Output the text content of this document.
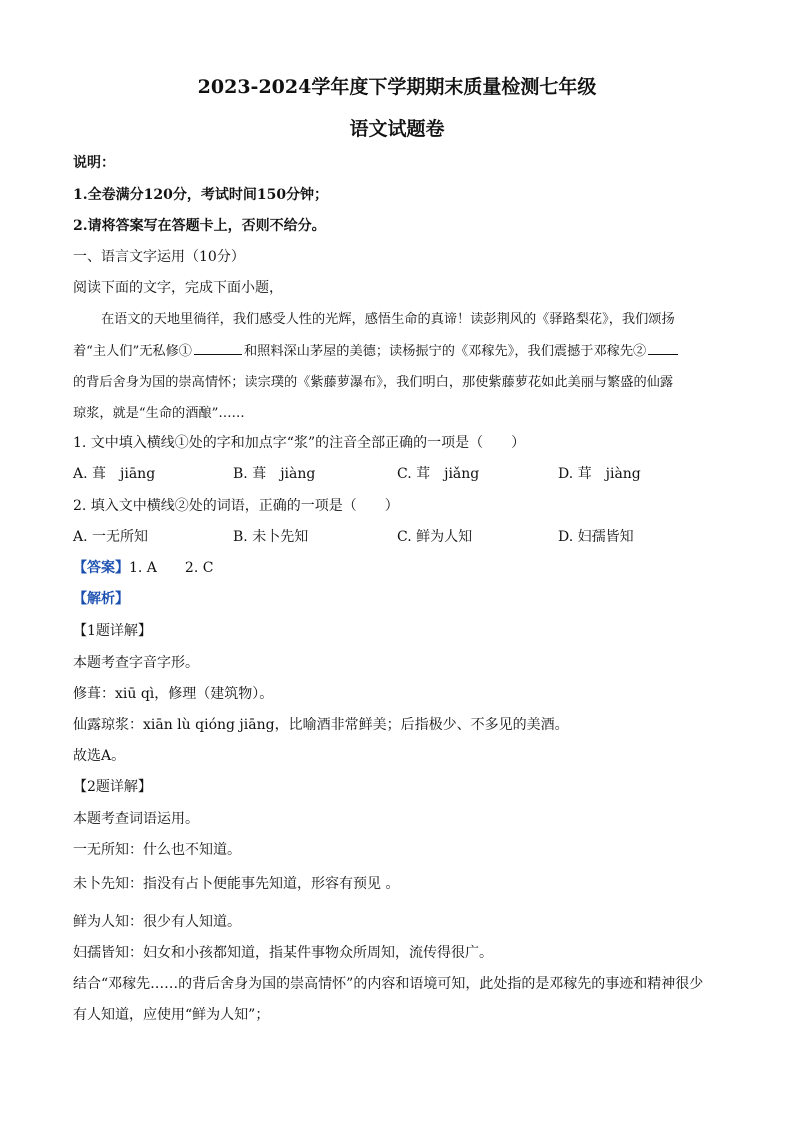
2023-2024学年度下学期期末质量检测七年级
语文试题卷
说明：
1.全卷满分120分，考试时间150分钟；
2.请将答案写在答题卡上，否则不给分。
一、语言文字运用（10分）
阅读下面的文字，完成下面小题，
在语文的天地里徜徉，我们感受人性的光辉，感悟生命的真谛！读彭荆风的《驿路梨花》，我们颂扬
着“主人们”无私修①	和照料深山茅屋的美德；读杨振宁的《邓稼先》，我们震撼于邓稼先②
的背后舍身为国的崇高情怀；读宗璞的《紫藤萝瀑布》，我们明白，那使紫藤萝花如此美丽与繁盛的仙露
琼浆，就是“生命的酒酿”……
1. 文中填入横线①处的字和加点字“浆”的注音全部正确的一项是（　　）
A. 葺　jiāng	B. 葺　jiàng	C. 茸　jiǎng	D. 茸　jiàng
2. 填入文中横线②处的词语，正确的一项是（　　）
A. 一无所知	B. 未卜先知	C. 鲜为人知	D. 妇孺皆知
【答案】1. A　　2. C
【解析】
【1题详解】
本题考查字音字形。
修葺：xiū qì，修理（建筑物）。
仙露琼浆：xiān lù qióng jiāng，比喻酒非常鲜美；后指极少、不多见的美酒。
故选A。
【2题详解】
本题考查词语运用。
一无所知：什么也不知道。
未卜先知：指没有占卜便能事先知道，形容有预见 。
鲜为人知：很少有人知道。
妇孺皆知：妇女和小孩都知道，指某件事物众所周知，流传得很广。
结合“邓稼先……的背后舍身为国的崇高情怀”的内容和语境可知，此处指的是邓稼先的事迹和精神很少
有人知道，应使用“鲜为人知”；
